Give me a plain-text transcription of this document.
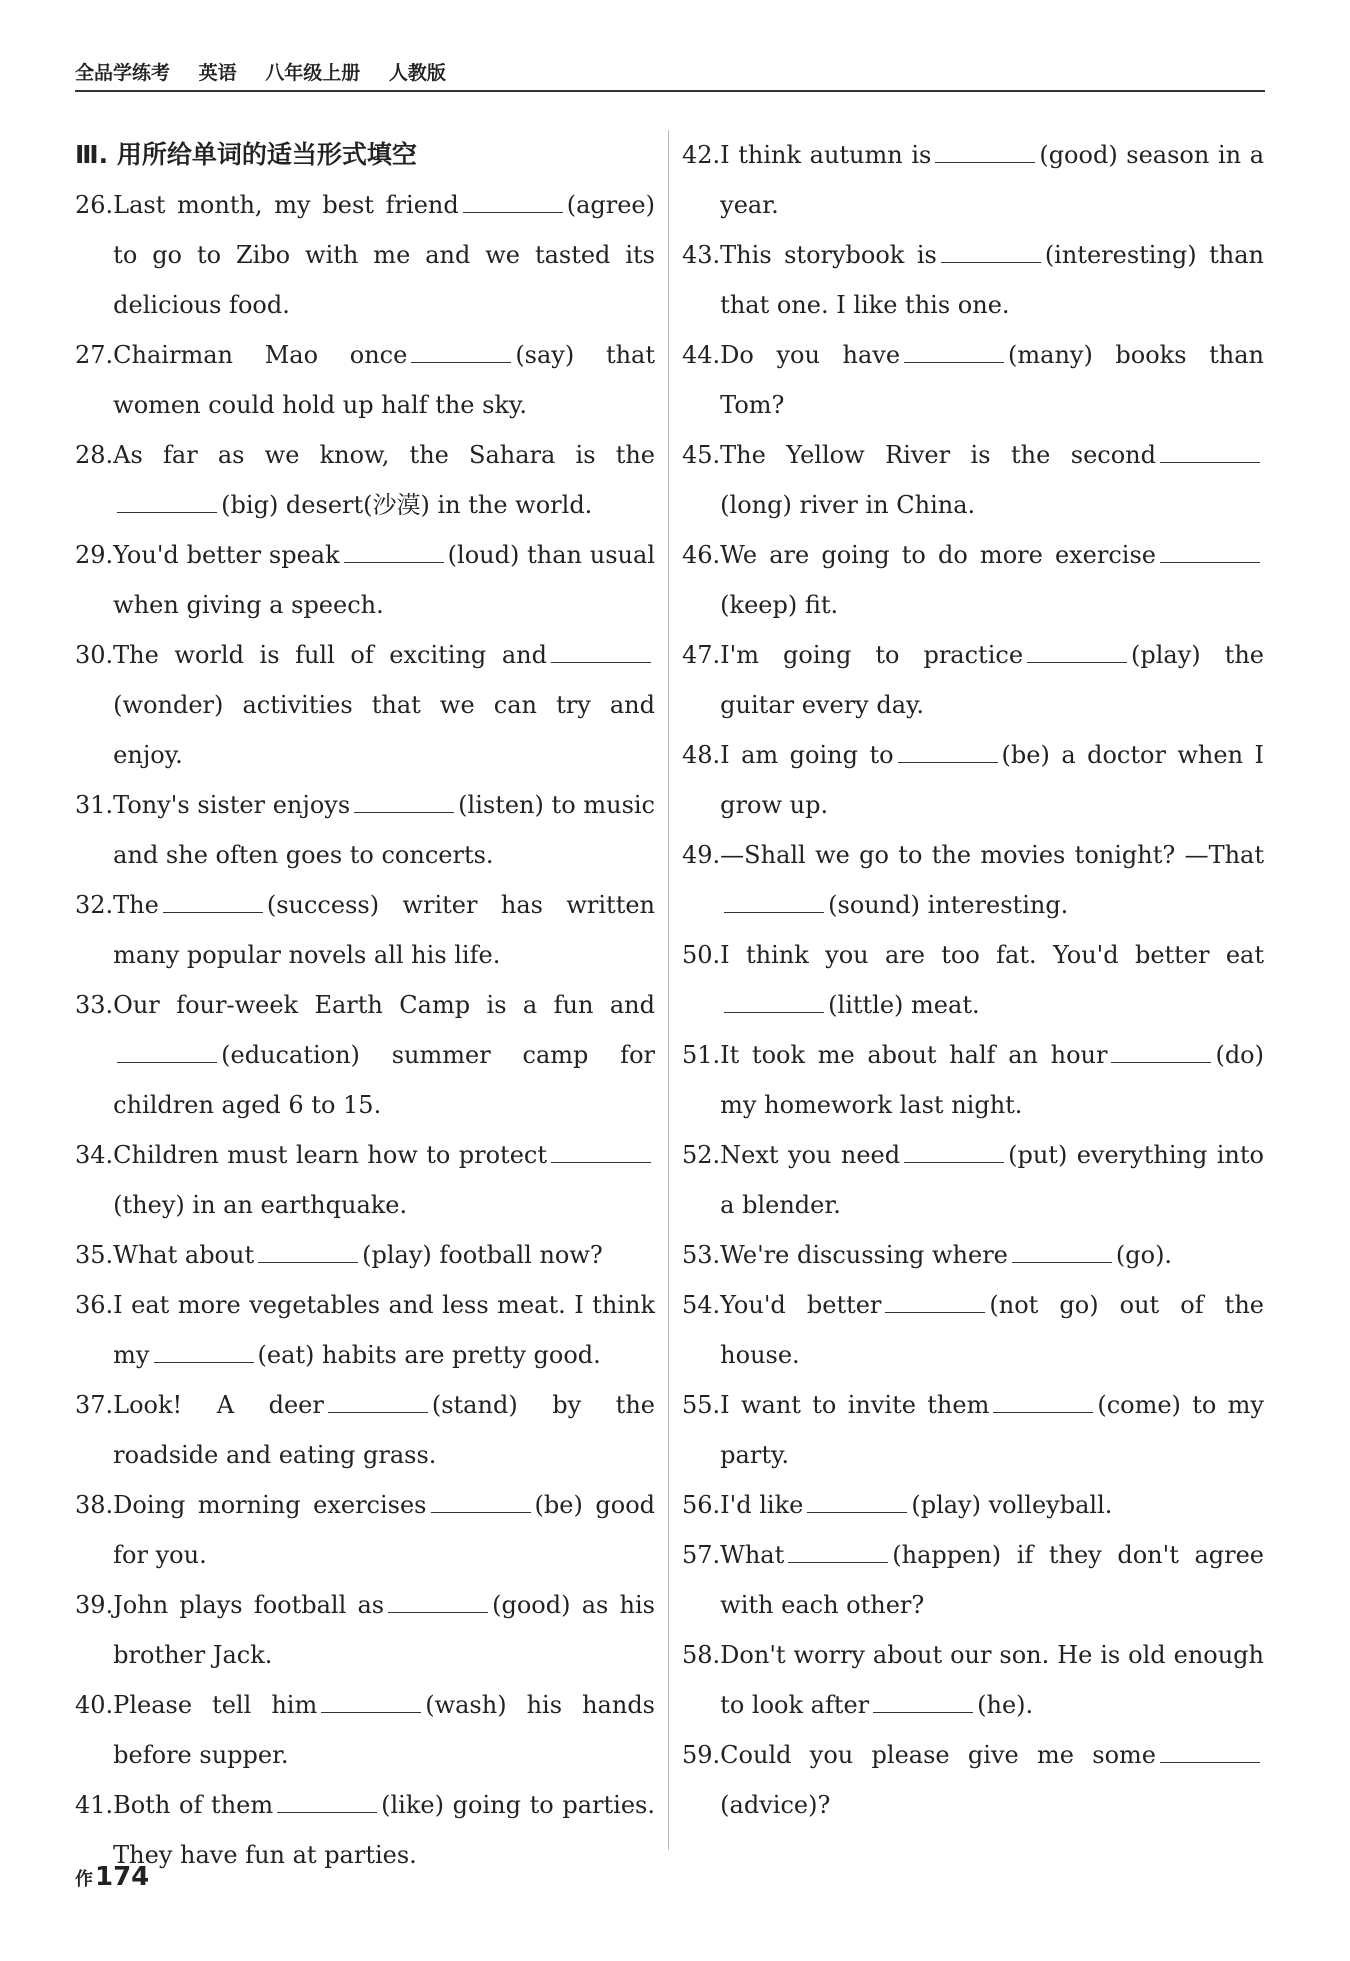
全品学练考 英语 八年级上册 人教版
Ⅲ. 用所给单词的适当形式填空
26. Last month, my best friend	(agree) to go to Zibo with me and we tasted its delicious food.
27. Chairman Mao once	(say) that women could hold up half the sky.
28. As far as we know, the Sahara is the(big) desert(沙漠) in the world.
29. You'd better speak	(loud) than usual when giving a speech.
30. The world is full of exciting and(wonder) activities that we can try and enjoy.
31. Tony's sister enjoys	(listen) to music and she often goes to concerts.
32. The	(success) writer has written many popular novels all his life.
33. Our four-week Earth Camp is a fun and(education) summer camp for children aged 6 to 15.
34. Children must learn how to protect(they) in an earthquake.
35. What about	(play) football now?
36. I eat more vegetables and less meat. I think my	(eat) habits are pretty good.
37. Look! A deer	(stand) by the roadside and eating grass.
38. Doing morning exercises	(be) good for you.
39. John plays football as	(good) as his brother Jack.
40. Please tell him	(wash) his hands before supper.
41. Both of them	(like) going to parties. They have fun at parties.
42. I think autumn is	(good) season in a year.
43. This storybook is	(interesting) than that one. I like this one.
44. Do you have	(many) books than Tom?
45. The Yellow River is the second(long) river in China.
46. We are going to do more exercise(keep) fit.
47. I'm going to practice	(play) the guitar every day.
48. I am going to	(be) a doctor when I grow up.
49. —Shall we go to the movies tonight? —That(sound) interesting.
50. I think you are too fat. You'd better eat(little) meat.
51. It took me about half an hour	(do) my homework last night.
52. Next you need	(put) everything into a blender.
53. We're discussing where	(go).
54. You'd better	(not go) out of the house.
55. I want to invite them	(come) to my party.
56. I'd like	(play) volleyball.
57. What	(happen) if they don't agree with each other?
58. Don't worry about our son. He is old enough to look after	(he).
59. Could you please give me some(advice)?
作174
